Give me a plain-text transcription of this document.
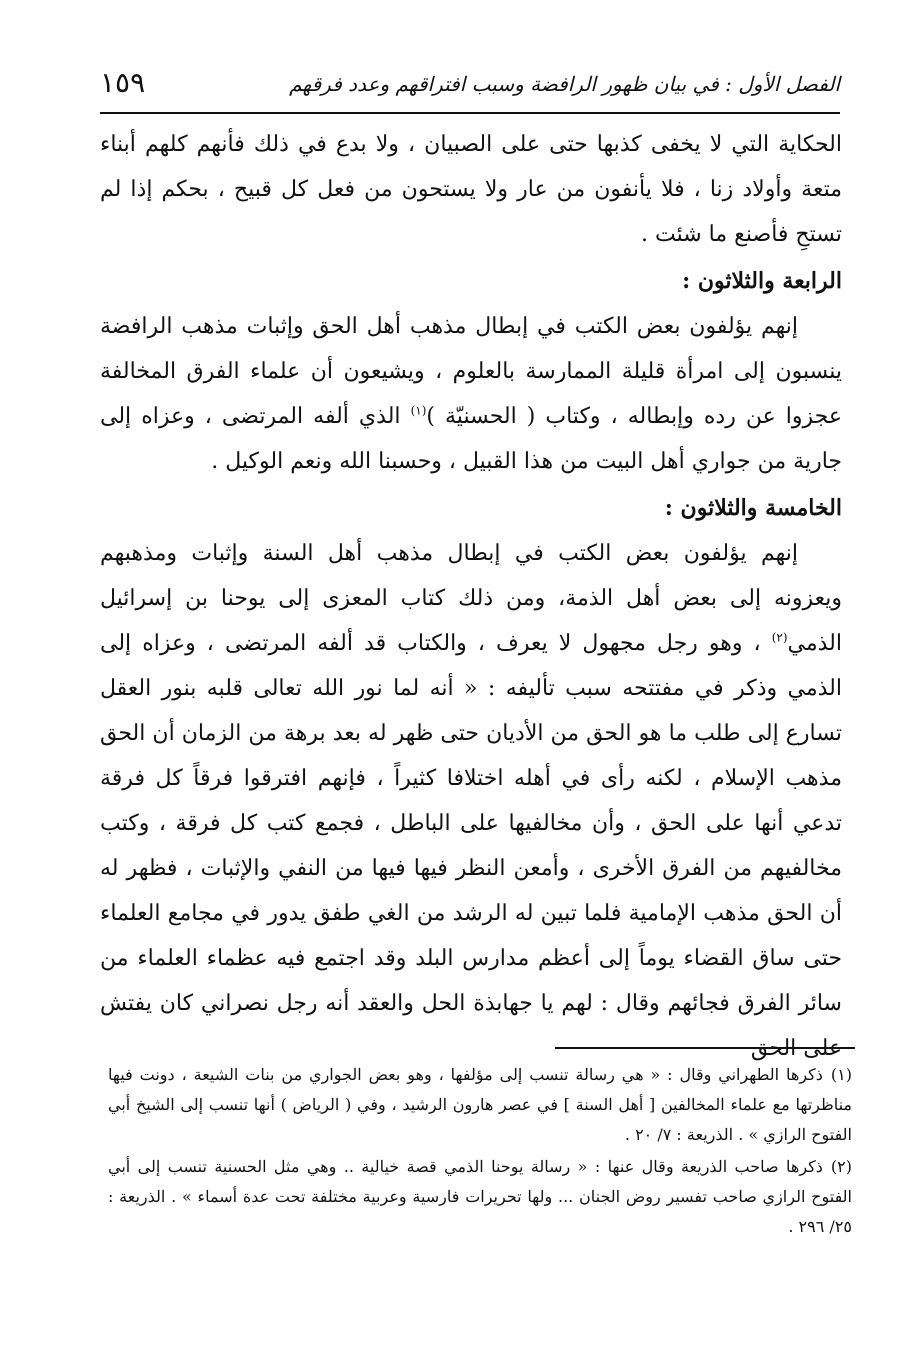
الفصل الأول : في بيان ظهور الرافضة وسبب افتراقهم وعدد فرقهم
١٥٩

الحكاية التي لا يخفى كذبها حتى على الصبيان ، ولا بدع في ذلك فأنهم كلهم أبناء متعة وأولاد زنا ، فلا يأنفون من عار ولا يستحون من فعل كل قبيح ، بحكم إذا لم تستحِ فأصنع ما شئت .

الرابعة والثلاثون :

إنهم يؤلفون بعض الكتب في إبطال مذهب أهل الحق وإثبات مذهب الرافضة ينسبون إلى امرأة قليلة الممارسة بالعلوم ، ويشيعون أن علماء الفرق المخالفة عجزوا عن رده وإبطاله ، وكتاب ( الحسنيّة )$^{(١)}$ الذي ألفه المرتضى ، وعزاه إلى جارية من جواري أهل البيت من هذا القبيل ، وحسبنا الله ونعم الوكيل .

الخامسة والثلاثون :

إنهم يؤلفون بعض الكتب في إبطال مذهب أهل السنة وإثبات ومذهبهم ويعزونه إلى بعض أهل الذمة، ومن ذلك كتاب المعزى إلى يوحنا بن إسرائيل الذمي$^{(٢)}$ ، وهو رجل مجهول لا يعرف ، والكتاب قد ألفه المرتضى ، وعزاه إلى الذمي وذكر في مفتتحه سبب تأليفه : « أنه لما نور الله تعالى قلبه بنور العقل تسارع إلى طلب ما هو الحق من الأديان حتى ظهر له بعد برهة من الزمان أن الحق مذهب الإسلام ، لكنه رأى في أهله اختلافا كثيراً ، فإنهم افترقوا فرقاً كل فرقة تدعي أنها على الحق ، وأن مخالفيها على الباطل ، فجمع كتب كل فرقة ، وكتب مخالفيهم من الفرق الأخرى ، وأمعن النظر فيها فيها من النفي والإثبات ، فظهر له أن الحق مذهب الإمامية فلما تبين له الرشد من الغي طفق يدور في مجامع العلماء حتى ساق القضاء يوماً إلى أعظم مدارس البلد وقد اجتمع فيه عظماء العلماء من سائر الفرق فجائهم وقال : لهم يا جهابذة الحل والعقد أنه رجل نصراني كان يفتش على الحق

(١)ذكرها الطهراني وقال : « هي رسالة تنسب إلى مؤلفها ، وهو بعض الجواري من بنات الشيعة ، دونت فيها مناظرتها مع علماء المخالفين [ أهل السنة ] في عصر هارون الرشيد ، وفي ( الرياض ) أنها تنسب إلى الشيخ أبي الفتوح الرازي » . الذريعة : ٧/ ٢٠ .

(٢)ذكرها صاحب الذريعة وقال عنها : « رسالة يوحنا الذمي قصة خيالية .. وهي مثل الحسنية تنسب إلى أبي الفتوح الرازي صاحب تفسير روض الجنان ... ولها تحريرات فارسية وعربية مختلفة تحت عدة أسماء » . الذريعة : ٢٥/ ٢٩٦ .
